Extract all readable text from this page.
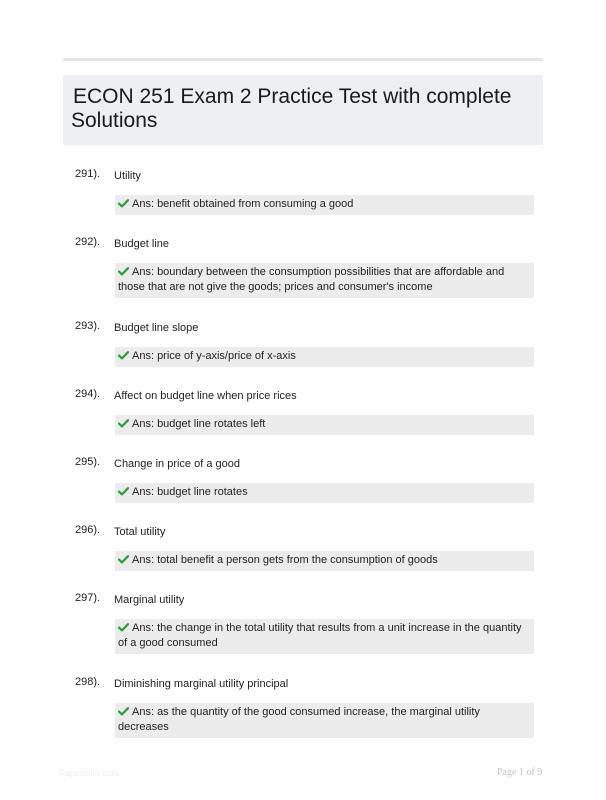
ECON 251 Exam 2 Practice Test with complete Solutions
291). Utility
Ans: benefit obtained from consuming a good
292). Budget line
Ans: boundary between the consumption possibilities that are affordable and those that are not give the goods; prices and consumer's income
293). Budget line slope
Ans: price of y-axis/price of x-axis
294). Affect on budget line when price rices
Ans: budget line rotates left
295). Change in price of a good
Ans: budget line rotates
296). Total utility
Ans: total benefit a person gets from the consumption of goods
297). Marginal utility
Ans: the change in the total utility that results from a unit increase in the quantity of a good consumed
298). Diminishing marginal utility principal
Ans: as the quantity of the good consumed increase, the marginal utility decreases
Paperfolio.com	Page 1 of 9
